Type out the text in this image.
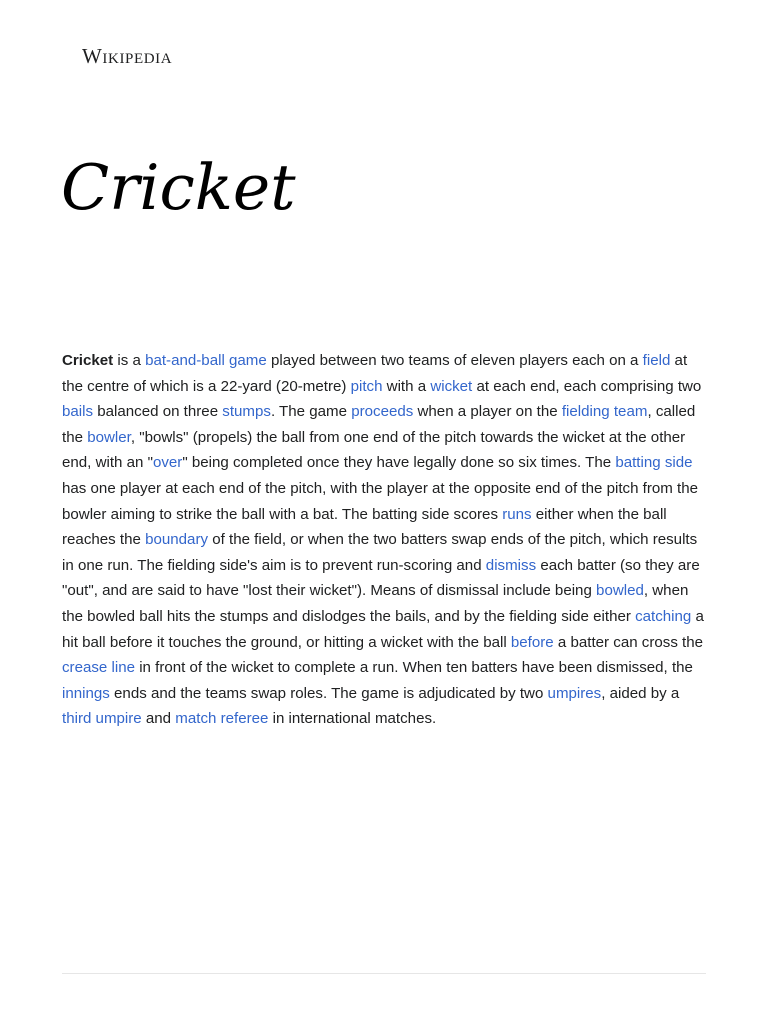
Wikipedia
Cricket

Cricket is a bat-and-ball game played between two teams of eleven players each on a field at the centre of which is a 22-yard (20-metre) pitch with a wicket at each end, each comprising two bails balanced on three stumps. The game proceeds when a player on the fielding team, called the bowler, "bowls" (propels) the ball from one end of the pitch towards the wicket at the other end, with an "over" being completed once they have legally done so six times. The batting side has one player at each end of the pitch, with the player at the opposite end of the pitch from the bowler aiming to strike the ball with a bat. The batting side scores runs either when the ball reaches the boundary of the field, or when the two batters swap ends of the pitch, which results in one run. The fielding side's aim is to prevent run-scoring and dismiss each batter (so they are "out", and are said to have "lost their wicket"). Means of dismissal include being bowled, when the bowled ball hits the stumps and dislodges the bails, and by the fielding side either catching a hit ball before it touches the ground, or hitting a wicket with the ball before a batter can cross the crease line in front of the wicket to complete a run. When ten batters have been dismissed, the innings ends and the teams swap roles. The game is adjudicated by two umpires, aided by a third umpire and match referee in international matches.
